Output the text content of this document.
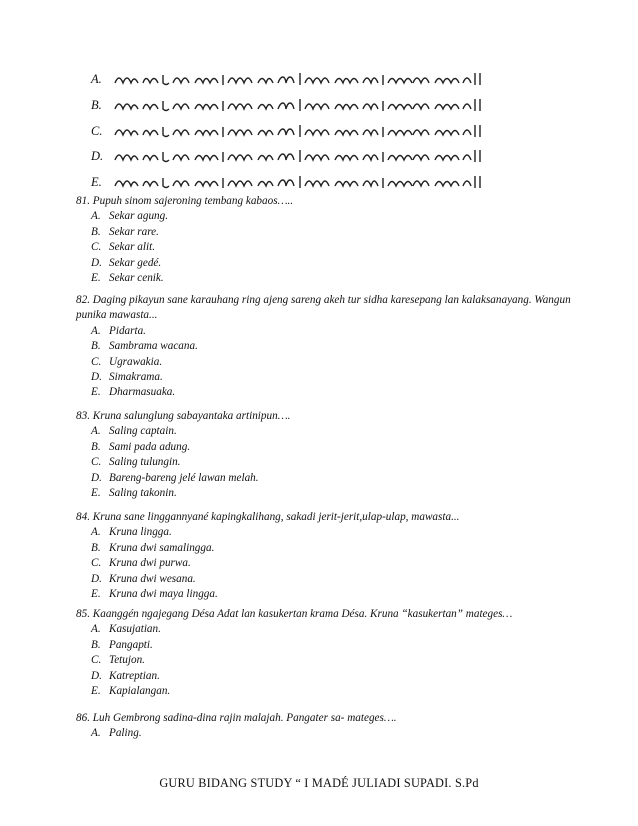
A.
B.
C.
D.
E.
81. Pupuh sinom sajeroning tembang kabaos…..
A. Sekar agung.
B. Sekar rare.
C. Sekar alit.
D. Sekar gedé.
E. Sekar cenik.
82. Daging pikayun sane karauhang ring ajeng sareng akeh tur sidha karesepang lan kalaksanayang. Wangun punika mawasta...
A. Pidarta.
B. Sambrama wacana.
C. Ugrawakia.
D. Simakrama.
E. Dharmasuaka.
83. Kruna salunglung sabayantaka artinipun….
A. Saling captain.
B. Sami pada adung.
C. Saling tulungin.
D. Bareng-bareng jelé lawan melah.
E. Saling takonin.
84. Kruna sane linggannyané kapingkalihang, sakadi jerit-jerit,ulap-ulap, mawasta...
A. Kruna lingga.
B. Kruna dwi samalingga.
C. Kruna dwi purwa.
D. Kruna dwi wesana.
E. Kruna dwi maya lingga.
85. Kaanggén ngajegang Désa Adat lan kasukertan krama Désa. Kruna “kasukertan” mateges…
A. Kasujatian.
B. Pangapti.
C. Tetujon.
D. Katreptian.
E. Kapialangan.
86. Luh Gembrong sadina-dina rajin malajah. Pangater sa- mateges….
A. Paling.
GURU BIDANG STUDY “ I MADÉ JULIADI SUPADI. S.Pd
